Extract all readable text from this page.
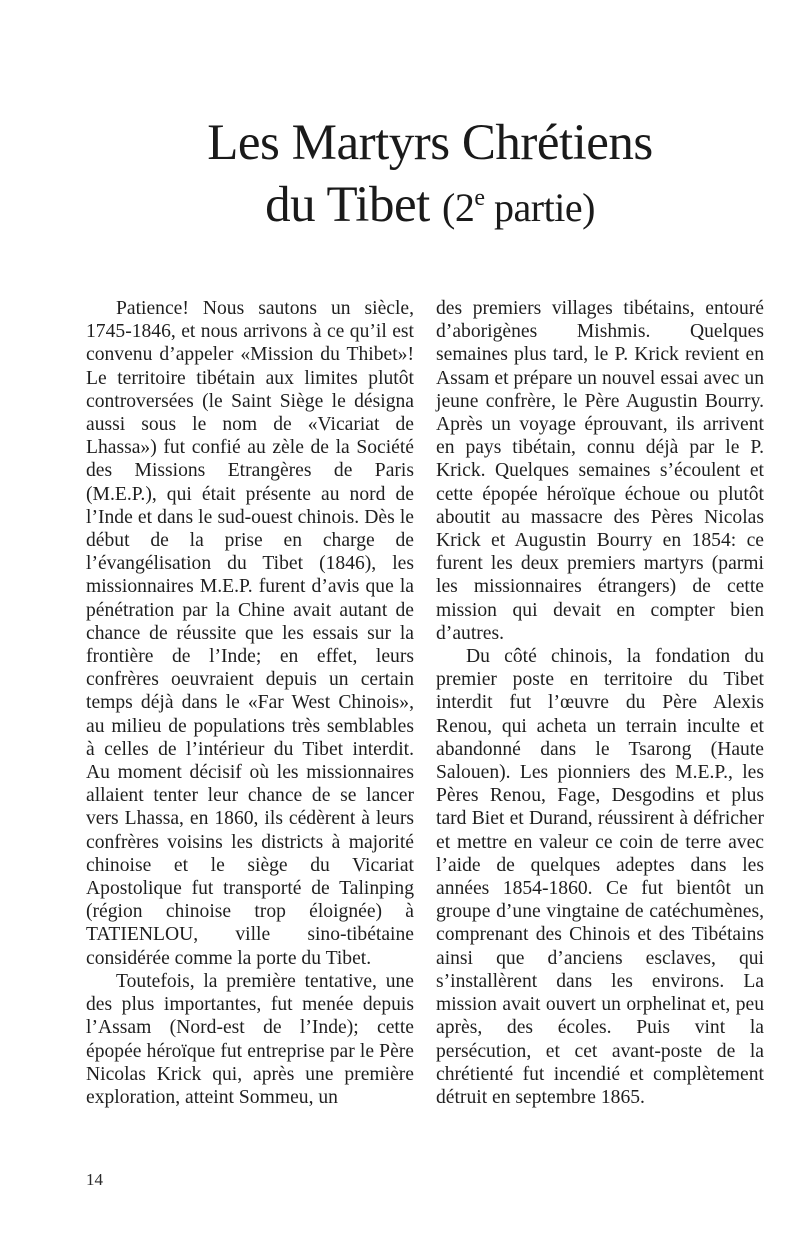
Les Martyrs Chrétiens
du Tibet (2e partie)

Patience! Nous sautons un siècle, 1745-1846, et nous arrivons à ce qu’il est convenu d’appeler «Mission du Thibet»! Le territoire tibétain aux limites plutôt controversées (le Saint Siège le désigna aussi sous le nom de «Vicariat de Lhassa») fut confié au zèle de la Société des Missions Etrangères de Paris (M.E.P.), qui était présente au nord de l’Inde et dans le sud-ouest chinois. Dès le début de la prise en charge de l’évangélisation du Tibet (1846), les missionnaires M.E.P. furent d’avis que la pénétration par la Chine avait autant de chance de réussite que les essais sur la frontière de l’Inde; en effet, leurs confrères oeuvraient depuis un certain temps déjà dans le «Far West Chinois», au milieu de populations très semblables à celles de l’intérieur du Tibet interdit. Au moment décisif où les missionnaires allaient tenter leur chance de se lancer vers Lhassa, en 1860, ils cédèrent à leurs confrères voisins les districts à majorité chinoise et le siège du Vicariat Apostolique fut transporté de Talinping (région chinoise trop éloignée) à TATIENLOU, ville sino-tibétaine considérée comme la porte du Tibet.

Toutefois, la première tentative, une des plus importantes, fut menée depuis l’Assam (Nord-est de l’Inde); cette épopée héroïque fut entreprise par le Père Nicolas Krick qui, après une première exploration, atteint Sommeu, un

des premiers villages tibétains, entouré d’aborigènes Mishmis. Quelques semaines plus tard, le P. Krick revient en Assam et prépare un nouvel essai avec un jeune confrère, le Père Augustin Bourry. Après un voyage éprouvant, ils arrivent en pays tibétain, connu déjà par le P. Krick. Quelques semaines s’écoulent et cette épopée héroïque échoue ou plutôt aboutit au massacre des Pères Nicolas Krick et Augustin Bourry en 1854: ce furent les deux premiers martyrs (parmi les missionnaires étrangers) de cette mission qui devait en compter bien d’autres.

Du côté chinois, la fondation du premier poste en territoire du Tibet interdit fut l’œuvre du Père Alexis Renou, qui acheta un terrain inculte et abandonné dans le Tsarong (Haute Salouen). Les pionniers des M.E.P., les Pères Renou, Fage, Desgodins et plus tard Biet et Durand, réussirent à défricher et mettre en valeur ce coin de terre avec l’aide de quelques adeptes dans les années 1854-1860. Ce fut bientôt un groupe d’une vingtaine de catéchumènes, comprenant des Chinois et des Tibétains ainsi que d’anciens esclaves, qui s’installèrent dans les environs. La mission avait ouvert un orphelinat et, peu après, des écoles. Puis vint la persécution, et cet avant-poste de la chrétienté fut incendié et complètement détruit en septembre 1865.

14
